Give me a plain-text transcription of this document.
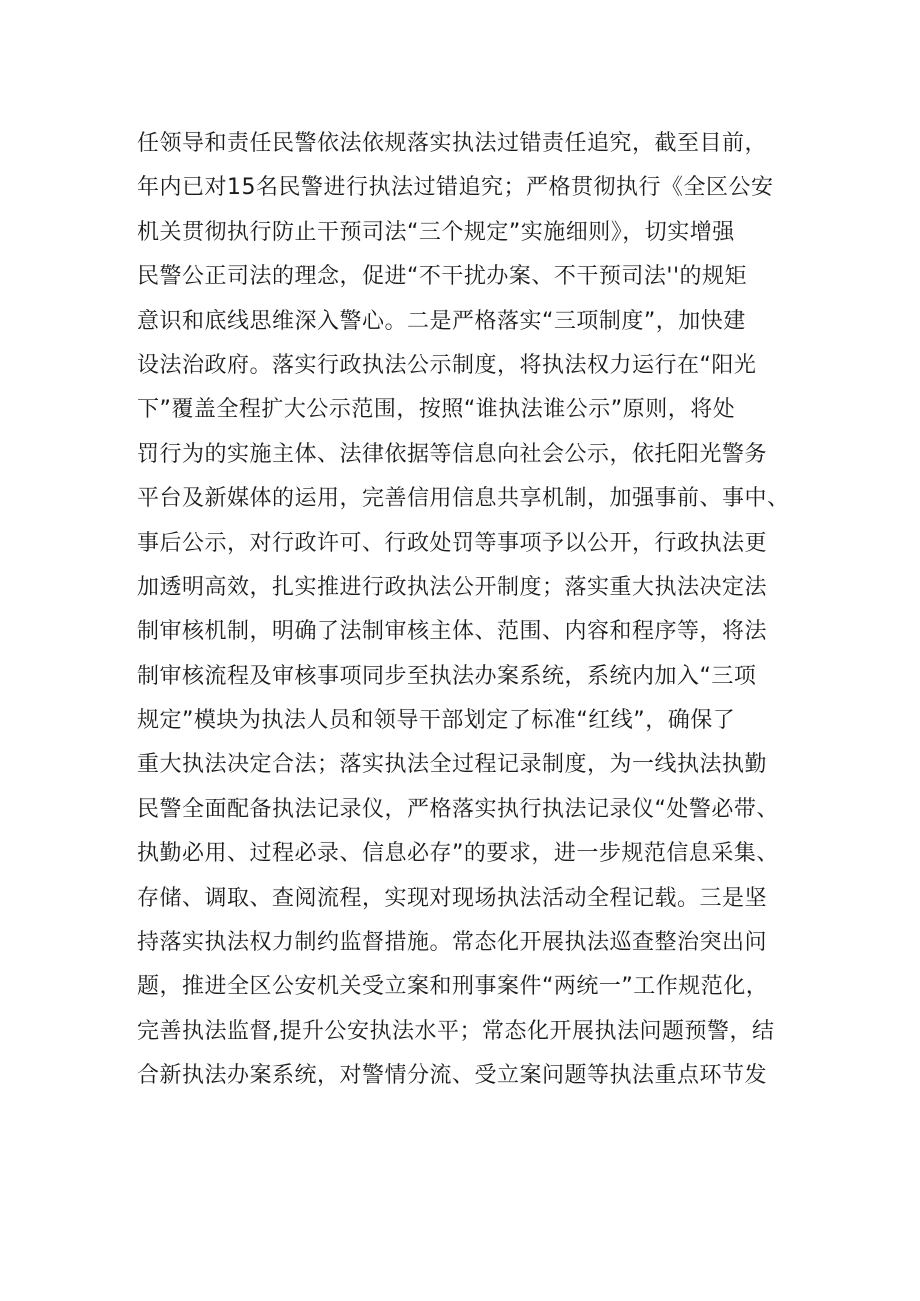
任领导和责任民警依法依规落实执法过错责任追究，截至目前，
年内已对15名民警进行执法过错追究；严格贯彻执行《全区公安
机关贯彻执行防止干预司法“三个规定”实施细则》，切实增强
民警公正司法的理念，促进“不干扰办案、不干预司法''的规矩
意识和底线思维深入警心。二是严格落实“三项制度”，加快建
设法治政府。落实行政执法公示制度，将执法权力运行在“阳光
下”覆盖全程扩大公示范围，按照“谁执法谁公示”原则，将处
罚行为的实施主体、法律依据等信息向社会公示，依托阳光警务
平台及新媒体的运用，完善信用信息共享机制，加强事前、事中、
事后公示，对行政许可、行政处罚等事项予以公开，行政执法更
加透明高效，扎实推进行政执法公开制度；落实重大执法决定法
制审核机制，明确了法制审核主体、范围、内容和程序等，将法
制审核流程及审核事项同步至执法办案系统，系统内加入“三项
规定”模块为执法人员和领导干部划定了标准“红线”，确保了
重大执法决定合法；落实执法全过程记录制度，为一线执法执勤
民警全面配备执法记录仪，严格落实执行执法记录仪“处警必带、
执勤必用、过程必录、信息必存”的要求，进一步规范信息采集、
存储、调取、查阅流程，实现对现场执法活动全程记载。三是坚
持落实执法权力制约监督措施。常态化开展执法巡查整治突出问
题，推进全区公安机关受立案和刑事案件“两统一”工作规范化，
完善执法监督,提升公安执法水平；常态化开展执法问题预警，结
合新执法办案系统，对警情分流、受立案问题等执法重点环节发
